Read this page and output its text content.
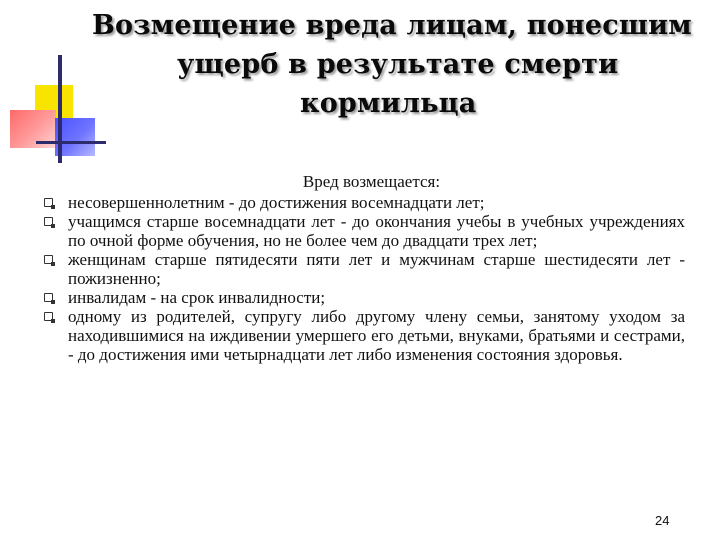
Возмещение вреда лицам, понесшим
ущерб в результате смерти
кормильца

Вред возмещается:

несовершеннолетним - до достижения восемнадцати лет;
учащимся старше восемнадцати лет - до окончания учебы в учебных учреждениях по очной форме обучения, но не более чем до двадцати трех лет;
женщинам старше пятидесяти пяти лет и мужчинам старше шестидесяти лет - пожизненно;
инвалидам - на срок инвалидности;
одному из родителей, супругу либо другому члену семьи, занятому уходом за находившимися на иждивении умершего его детьми, внуками, братьями и сестрами, - до достижения ими четырнадцати лет либо изменения состояния здоровья.
24
